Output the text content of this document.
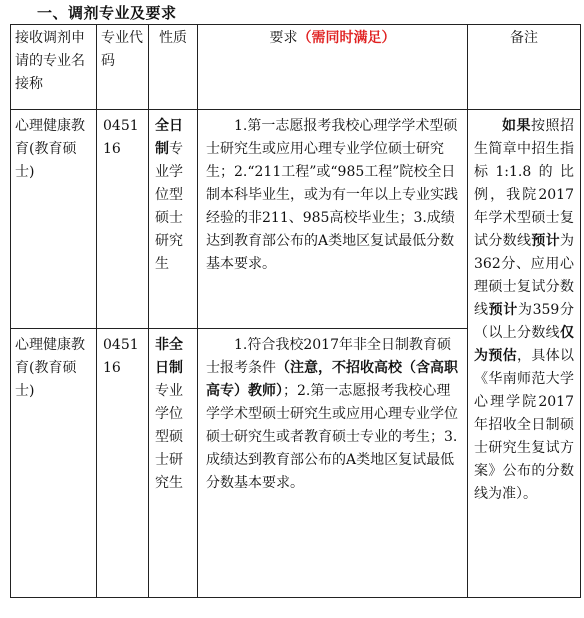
一、调剂专业及要求
接收调剂申请的专业名接称	专业代码	性质	要求（需同时满足）	备注
心理健康教育(教育硕士)	045116	全日制专业学位型硕士研究生	1.第一志愿报考我校心理学学术型硕士研究生或应用心理专业学位硕士研究生；2.“211工程”或“985工程”院校全日制本科毕业生，或为有一年以上专业实践经验的非211、985高校毕业生；3.成绩达到教育部公布的A类地区复试最低分数基本要求。	如果按照招生简章中招生指标1:1.8的比例，我院2017年学术型硕士复试分数线预计为362分、应用心理硕士复试分数线预计为359分（以上分数线仅为预估，具体以《华南师范大学心理学院2017年招收全日制硕士研究生复试方案》公布的分数线为准）。
心理健康教育(教育硕士)	045116	非全日制专业学位型硕士研究生	1.符合我校2017年非全日制教育硕士报考条件（注意，不招收高校（含高职高专）教师）；2.第一志愿报考我校心理学学术型硕士研究生或应用心理专业学位硕士研究生或者教育硕士专业的考生；3.成绩达到教育部公布的A类地区复试最低分数基本要求。	
